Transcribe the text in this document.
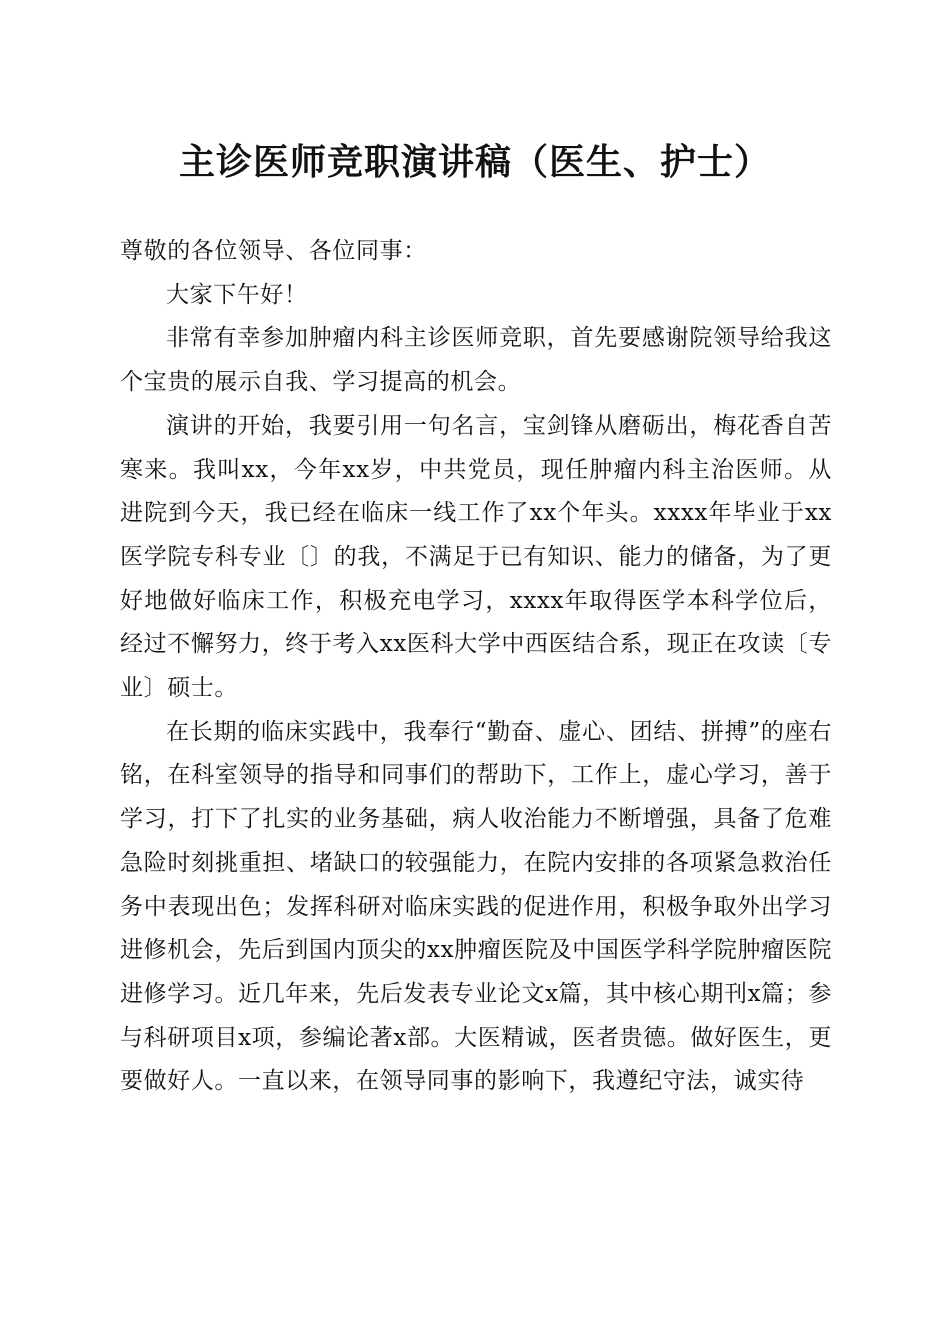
主诊医师竞职演讲稿（医生、护士）

尊敬的各位领导、各位同事：

大家下午好！

非常有幸参加肿瘤内科主诊医师竞职，首先要感谢院领导给我这个宝贵的展示自我、学习提高的机会。

演讲的开始，我要引用一句名言，宝剑锋从磨砺出，梅花香自苦寒来。我叫xx，今年xx岁，中共党员，现任肿瘤内科主治医师。从进院到今天，我已经在临床一线工作了xx个年头。xxxx年毕业于xx医学院专科专业〔〕的我，不满足于已有知识、能力的储备，为了更好地做好临床工作，积极充电学习，xxxx年取得医学本科学位后，经过不懈努力，终于考入xx医科大学中西医结合系，现正在攻读〔专业〕硕士。

在长期的临床实践中，我奉行“勤奋、虚心、团结、拼搏”的座右铭，在科室领导的指导和同事们的帮助下，工作上，虚心学习，善于学习，打下了扎实的业务基础，病人收治能力不断增强，具备了危难急险时刻挑重担、堵缺口的较强能力，在院内安排的各项紧急救治任务中表现出色；发挥科研对临床实践的促进作用，积极争取外出学习进修机会，先后到国内顶尖的xx肿瘤医院及中国医学科学院肿瘤医院进修学习。近几年来，先后发表专业论文x篇，其中核心期刊x篇；参与科研项目x项，参编论著x部。大医精诚，医者贵德。做好医生，更要做好人。一直以来，在领导同事的影响下，我遵纪守法，诚实待
